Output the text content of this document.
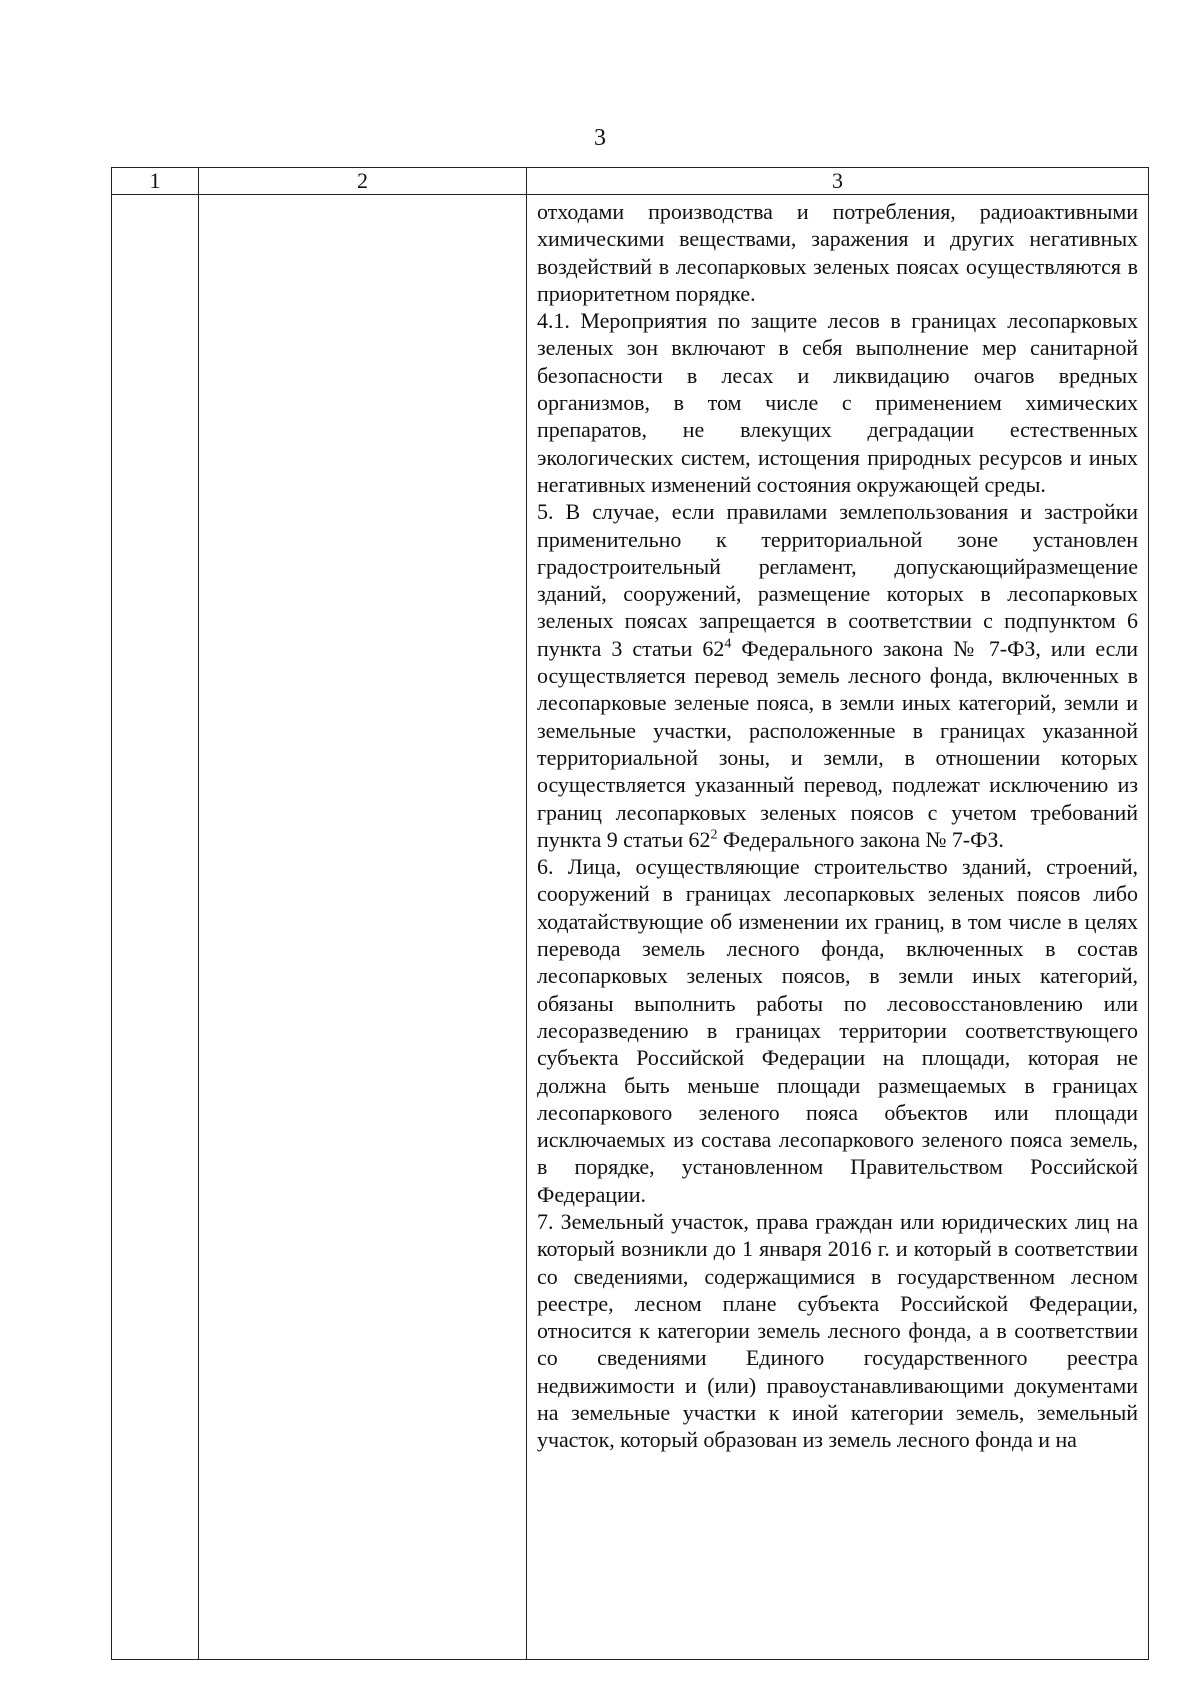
3
1	2	3

		отходами производства и потребления, радиоактивными химическими веществами, заражения и других негативных воздействий в лесопарковых зеленых поясах осуществляются в приоритетном порядке.

4.1. Мероприятия по защите лесов в границах лесопарковых зеленых зон включают в себя выполнение мер санитарной безопасности в лесах и ликвидацию очагов вредных организмов, в том числе с применением химических препаратов, не влекущих деградации естественных экологических систем, истощения природных ресурсов и иных негативных изменений состояния окружающей среды.

5. В случае, если правилами землепользования и застройки применительно к территориальной зоне установлен градостроительный регламент, допускающийразмещение зданий, сооружений, размещение которых в лесопарковых зеленых поясах запрещается в соответствии с подпунктом 6 пункта 3 статьи $62^4$ Федерального закона № 7-ФЗ, или если осуществляется перевод земель лесного фонда, включенных в лесопарковые зеленые пояса, в земли иных категорий, земли и земельные участки, расположенные в границах указанной территориальной зоны, и земли, в отношении которых осуществляется указанный перевод, подлежат исключению из границ лесопарковых зеленых поясов с учетом требований пункта 9 статьи $62^2$ Федерального закона № 7-ФЗ.

6. Лица, осуществляющие строительство зданий, строений, сооружений в границах лесопарковых зеленых поясов либо ходатайствующие об изменении их границ, в том числе в целях перевода земель лесного фонда, включенных в состав лесопарковых зеленых поясов, в земли иных категорий, обязаны выполнить работы по лесовосстановлению или лесоразведению в границах территории соответствующего субъекта Российской Федерации на площади, которая не должна быть меньше площади размещаемых в границах лесопаркового зеленого пояса объектов или площади исключаемых из состава лесопаркового зеленого пояса земель, в порядке, установленном Правительством Российской Федерации.

7. Земельный участок, права граждан или юридических лиц на который возникли до 1 января 2016 г. и который в соответствии со сведениями, содержащимися в государственном лесном реестре, лесном плане субъекта Российской Федерации, относится к категории земель лесного фонда, а в соответствии со сведениями Единого государственного реестра недвижимости и (или) правоустанавливающими документами на земельные участки к иной категории земель, земельный участок, который образован из земель лесного фонда и на
